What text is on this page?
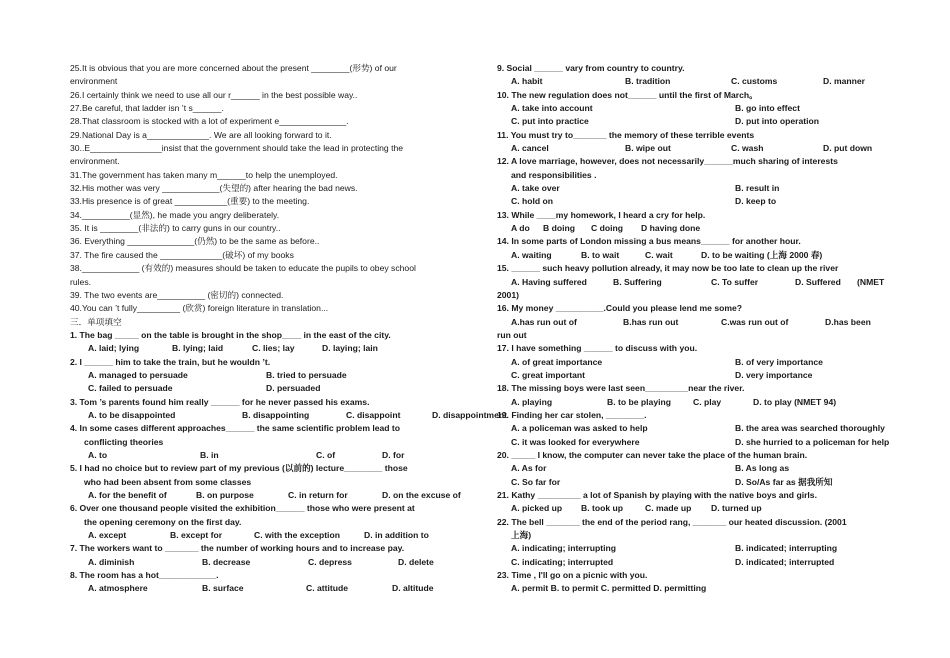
25.It is obvious that you are more concerned about the present ________(形势) of our
environment
26.I certainly think we need to use all our r______ in the best possible way..
27.Be careful, that ladder isn ’t s______.
28.That classroom is stocked with a lot of experiment e______________.
29.National Day is a_____________. We are all looking forward to it.
30..E_______________insist that the government should take the lead in protecting the
environment.
31.The government has taken many m______to help the unemployed.
32.His mother was very ____________(失望的) after hearing the bad news.
33.His presence is of great ___________(重要) to the meeting.
34.__________(显然), he made you angry deliberately.
35. It is ________(非法的) to carry guns in our country..
36. Everything ______________(仍然) to be the same as before..
37. The fire caused the _____________(破坏) of my books
38.____________ (有效的) measures should be taken to educate the pupils to obey school
rules.
39. The two events are__________ (密切的) connected.
40.You can ’t fully_________ (欣赏) foreign literature in translation...
三．单项填空
1. The bag _____ on the table is brought in the shop____ in the east of the city.
A. laid; lying	B. lying; laid	C. lies; lay	D. laying; lain
2. I ______ him to take the train, but he wouldn ’t.
A. managed to persuade	B. tried to persuade
C. failed to persuade	D. persuaded
3. Tom ’s parents found him really ______ for he never passed his exams.
A. to be disappointed	B. disappointing	C. disappoint	D. disappointment
4. In some cases different approaches______ the same scientific problem lead to
conflicting theories
A. to	B. in	C. of	D. for
5. I had no choice but to review part of my previous (以前的) lecture________ those
who had been absent from some classes
A. for the benefit of	B. on purpose	C. in return for	D. on the excuse of
6. Over one thousand people visited the exhibition______ those who were present at
the opening ceremony on the first day.
A. except	B. except for	C. with the exception	D. in addition to
7. The workers want to _______ the number of working hours and to increase pay.
A. diminish	B. decrease	C. depress	D. delete
8. The room has a hot____________.
A. atmosphere	B. surface	C. attitude	D. altitude
9. Social ______ vary from country to country.
A. habit	B. tradition	C. customs	D. manner
10. The new regulation does not______ until the first of March。
A. take into account	B. go into effect
C. put into practice	D. put into operation
11. You must try to_______ the memory of these terrible events
A. cancel	B. wipe out	C. wash	D. put down
12. A love marriage, however, does not necessarily______much sharing of interests
and responsibilities .
A. take over	B. result in
C. hold on	D. keep to
13. While ____my homework, I heard a cry for help.
A do	B doing	C doing	D having done
14. In some parts of London missing a bus means______ for another hour.
A. waiting	B. to wait	C. wait	D. to be waiting (上海 2000 春)
15. ______ such heavy pollution already, it may now be too late to clean up the river
A. Having suffered	B. Suffering	C. To suffer	D. Suffered	(NMET
2001)
16. My money __________.Could you please lend me some?
A.has run out of	B.has run out	C.was run out of	D.has been
run out
17. I have something ______ to discuss with you.
A. of great importance	B. of very importance
C. great important	D. very importance
18. The missing boys were last seen_________near the river.
A. playing	B. to be playing	C. play	D. to play (NMET 94)
19. Finding her car stolen, ________.
A. a policeman was asked to help	B. the area was searched thoroughly
C. it was looked for everywhere	D. she hurried to a policeman for help
20. _____ I know, the computer can never take the place of the human brain.
A. As for	B. As long as
C. So far for	D. So/As far as 据我所知
21. Kathy _________ a lot of Spanish by playing with the native boys and girls.
A. picked up	B. took up	C. made up	D. turned up
22. The bell _______ the end of the period rang, _______ our heated discussion. (2001
上海)
A. indicating; interrupting	B. indicated; interrupting
C. indicating; interrupted	D. indicated; interrupted
23. Time , I'll go on a picnic with you.
A. permit B. to permit C. permitted D. permitting
